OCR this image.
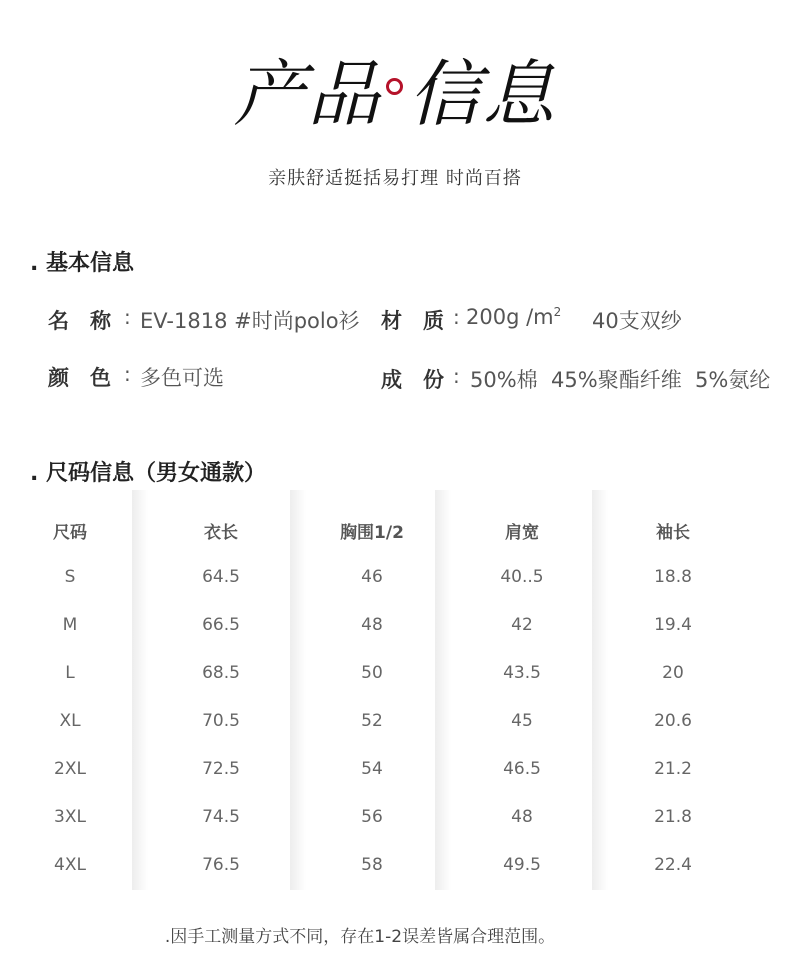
产品 信息
亲肤舒适挺括易打理 时尚百搭
. 基本信息
名　称 : EV-1818 #时尚polo衫 材　质 : 200g $/m^2$ 40支双纱
颜　色 : 多色可选	成　份 : 50%棉  45%聚酯纤维  5%氨纶
. 尺码信息（男女通款）
尺码	衣长	胸围1/2	肩宽	袖长
S	64.5	46	40..5	18.8
M	66.5	48	42	19.4
L	68.5	50	43.5	20
XL	70.5	52	45	20.6
2XL	72.5	54	46.5	21.2
3XL	74.5	56	48	21.8
4XL	76.5	58	49.5	22.4
.因手工测量方式不同，存在1-2误差皆属合理范围。
